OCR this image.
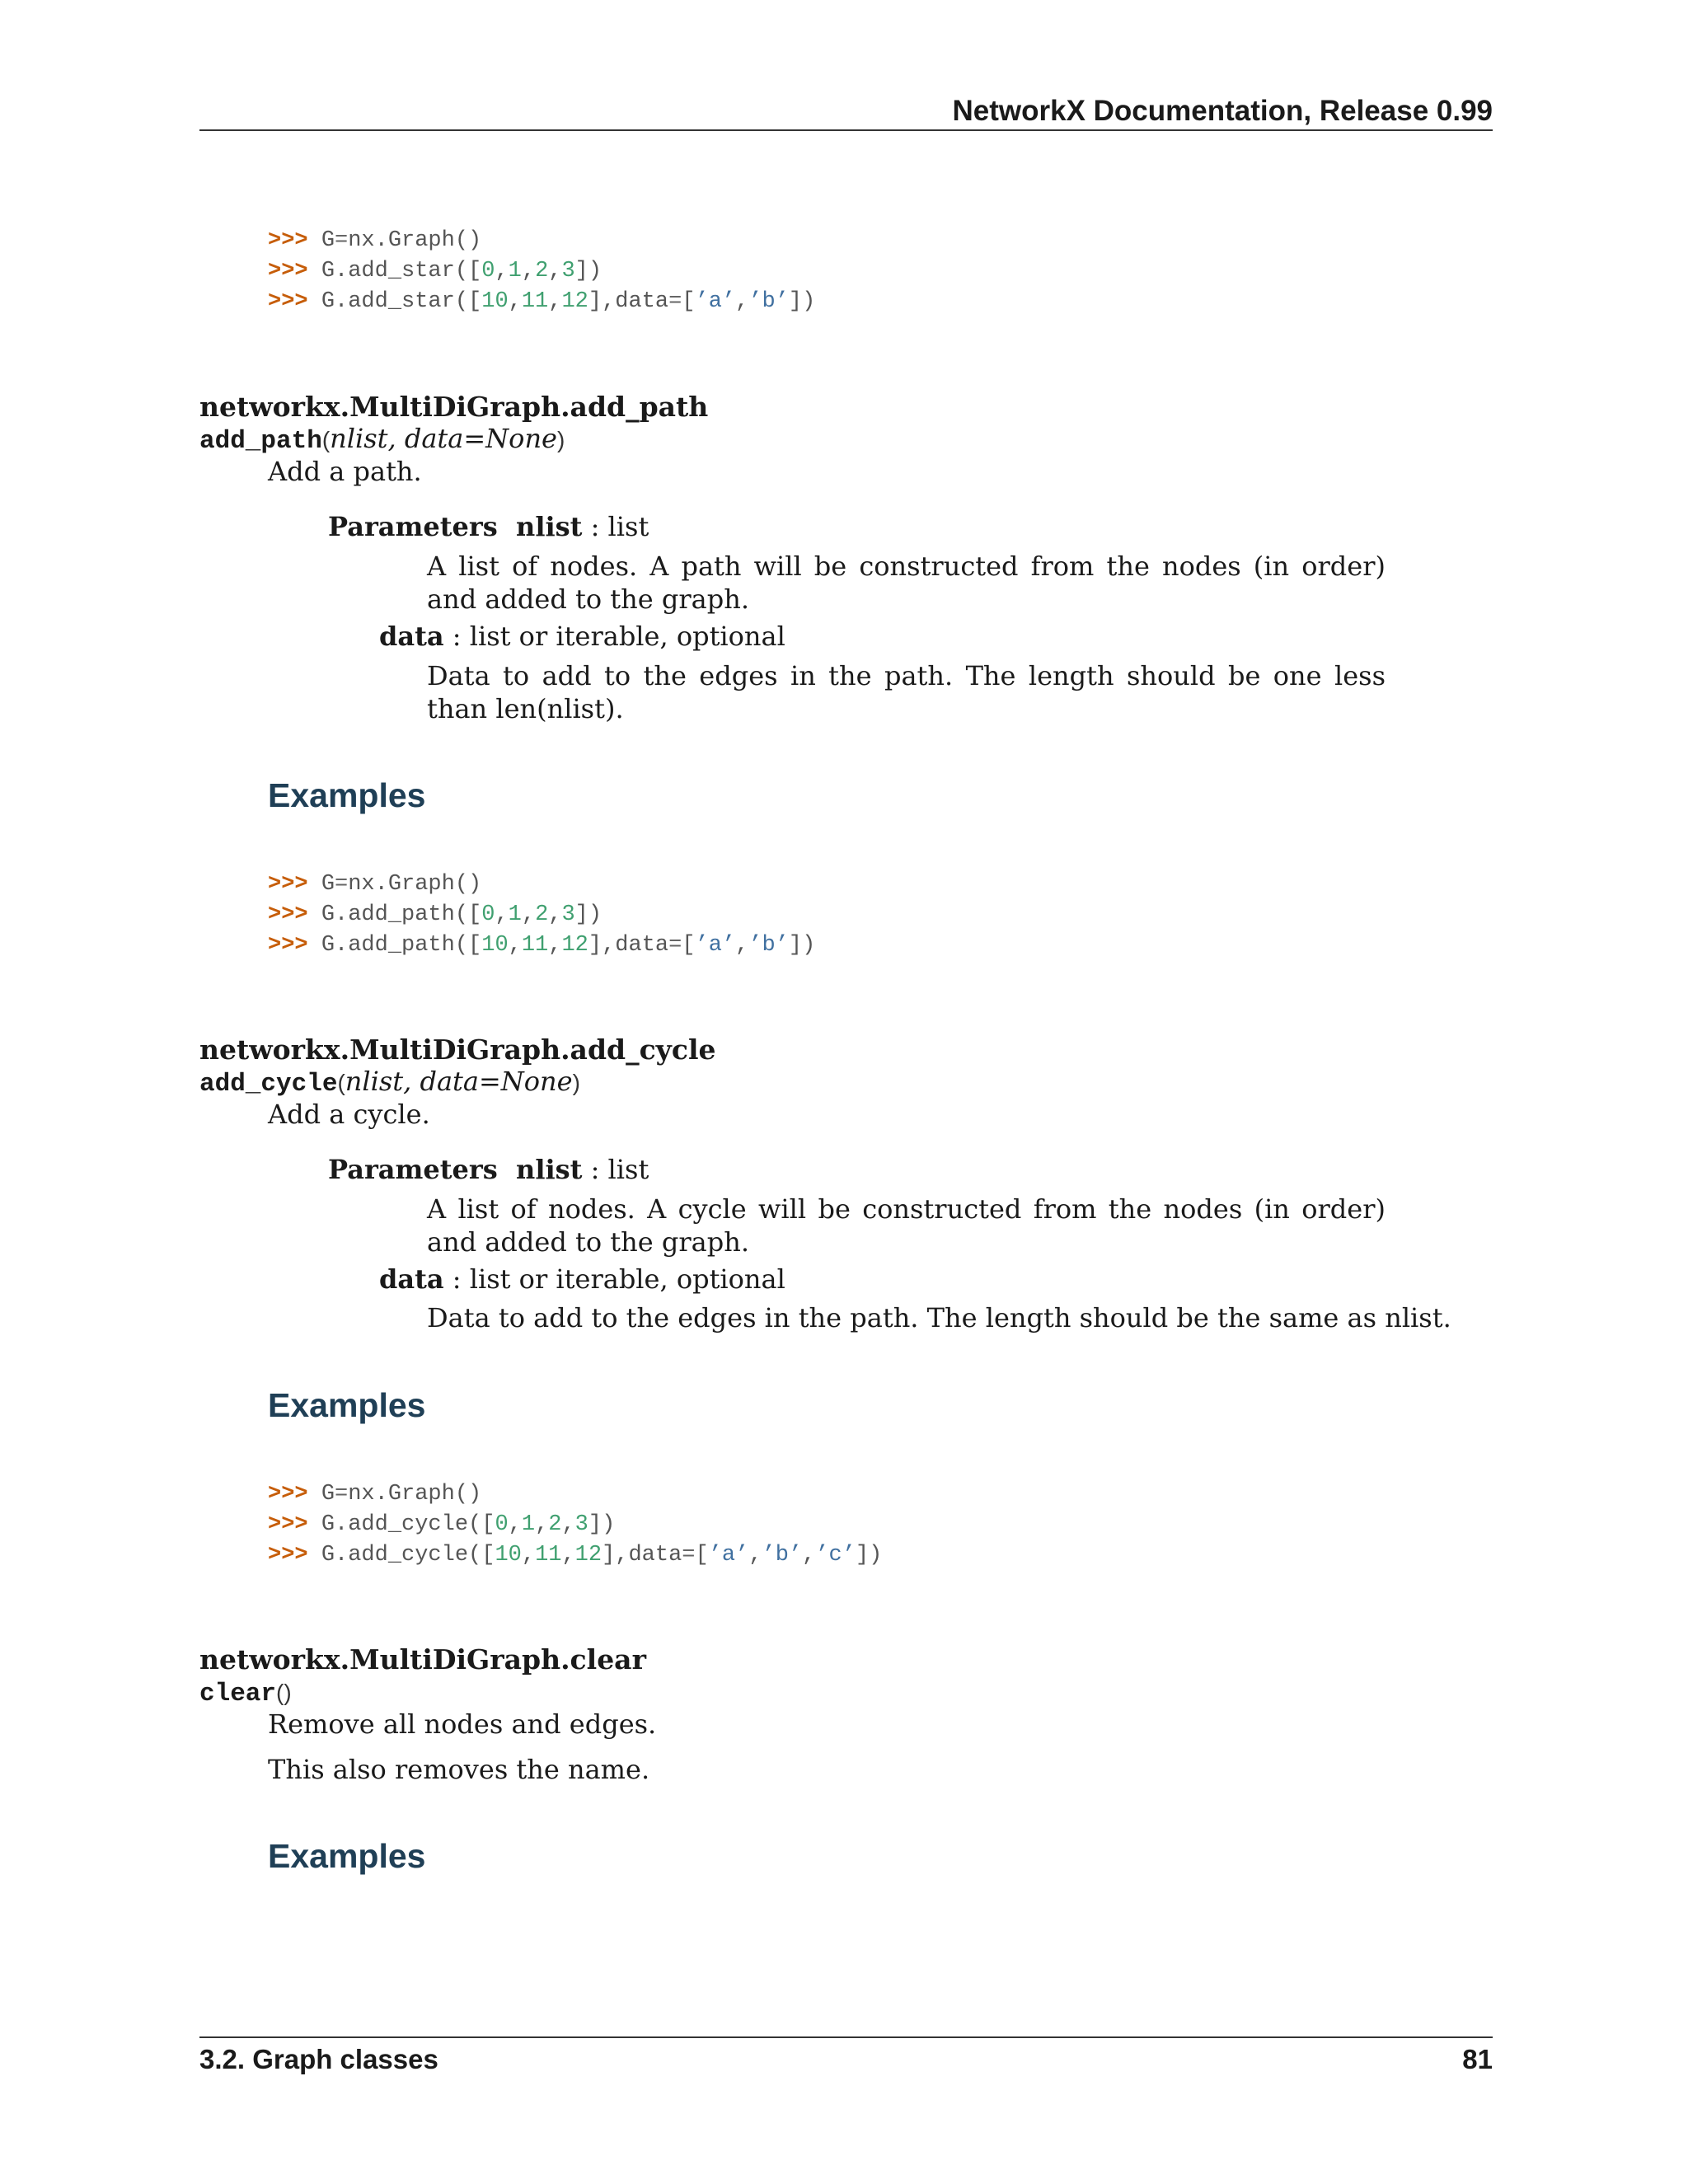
NetworkX Documentation, Release 0.99
>>> G=nx.Graph()
>>> G.add_star([0,1,2,3])
>>> G.add_star([10,11,12],data=[’a’,’b’])
networkx.MultiDiGraph.add_path
add_path(nlist, data=None)
Add a path.
Parameters nlist : list
A list of nodes. A path will be constructed from the nodes (in order) and added to the graph.
data : list or iterable, optional
Data to add to the edges in the path. The length should be one less than len(nlist).
Examples
>>> G=nx.Graph()
>>> G.add_path([0,1,2,3])
>>> G.add_path([10,11,12],data=[’a’,’b’])
networkx.MultiDiGraph.add_cycle
add_cycle(nlist, data=None)
Add a cycle.
Parameters nlist : list
A list of nodes. A cycle will be constructed from the nodes (in order) and added to the graph.
data : list or iterable, optional
Data to add to the edges in the path. The length should be the same as nlist.
Examples
>>> G=nx.Graph()
>>> G.add_cycle([0,1,2,3])
>>> G.add_cycle([10,11,12],data=[’a’,’b’,’c’])
networkx.MultiDiGraph.clear
clear()
Remove all nodes and edges.
This also removes the name.
Examples
3.2. Graph classes	81
